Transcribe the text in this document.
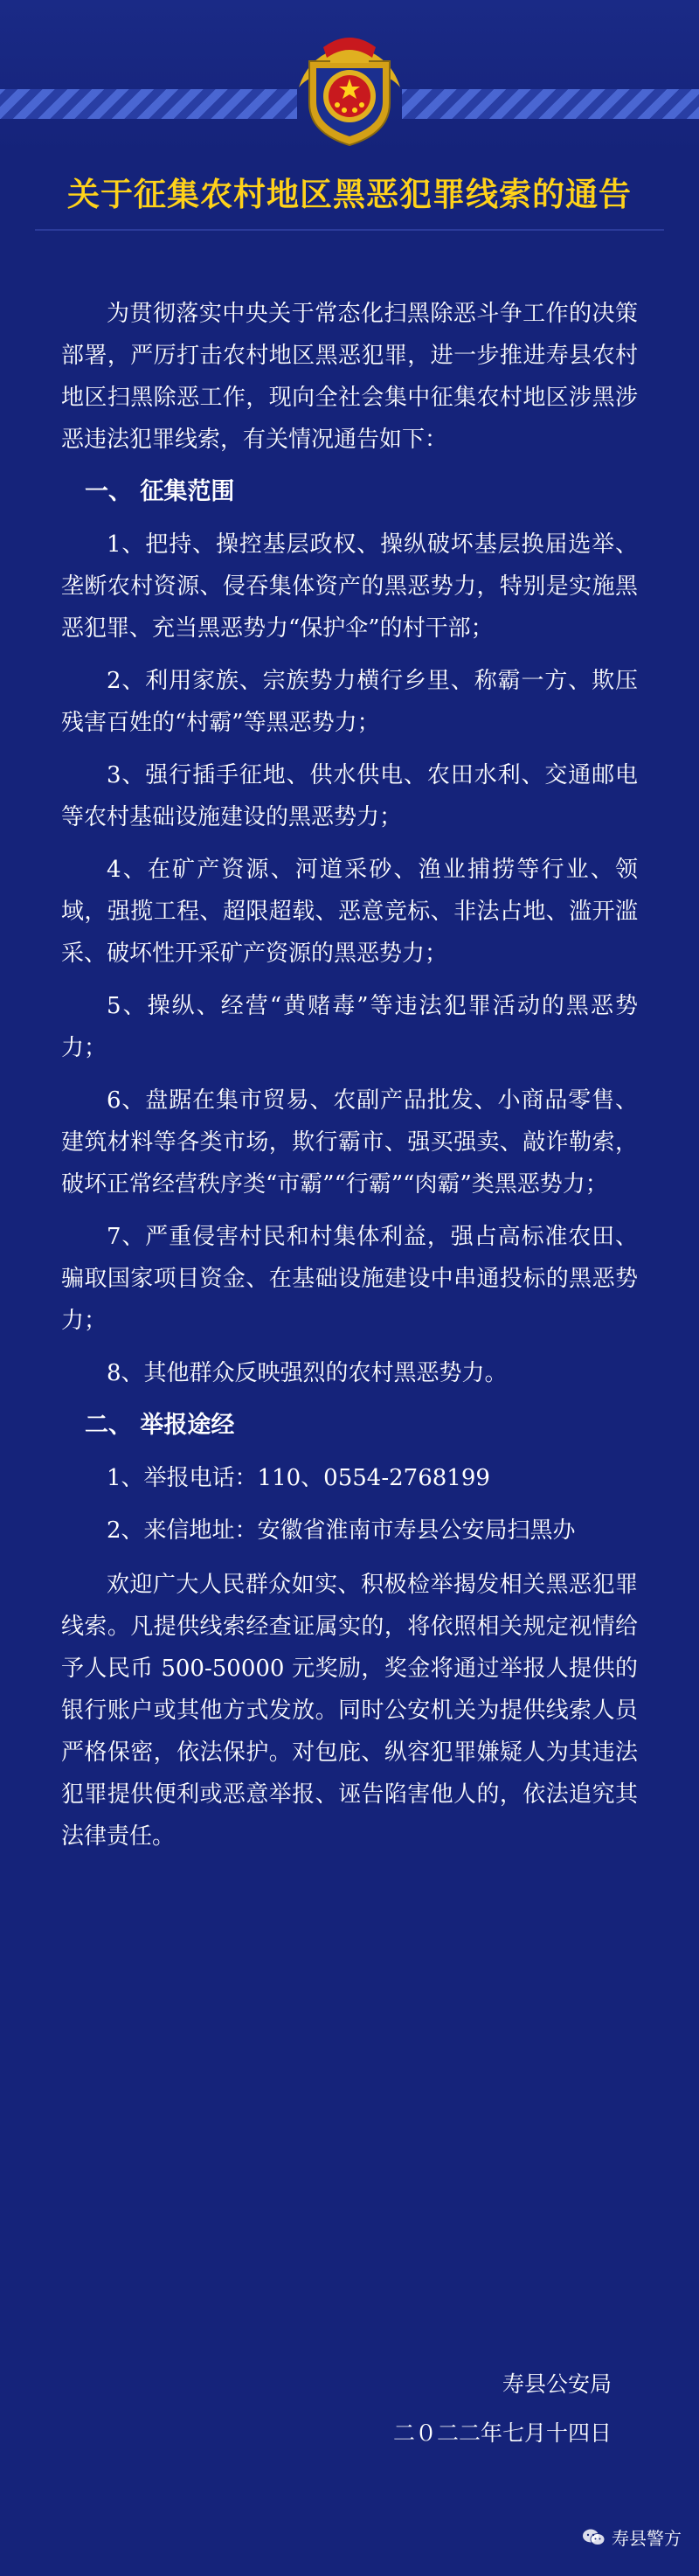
关于征集农村地区黑恶犯罪线索的通告

为贯彻落实中央关于常态化扫黑除恶斗争工作的决策部署，严厉打击农村地区黑恶犯罪，进一步推进寿县农村地区扫黑除恶工作，现向全社会集中征集农村地区涉黑涉恶违法犯罪线索，有关情况通告如下：

一、 征集范围

1、把持、操控基层政权、操纵破坏基层换届选举、垄断农村资源、侵吞集体资产的黑恶势力，特别是实施黑恶犯罪、充当黑恶势力“保护伞”的村干部；

2、利用家族、宗族势力横行乡里、称霸一方、欺压残害百姓的“村霸”等黑恶势力；

3、强行插手征地、供水供电、农田水利、交通邮电等农村基础设施建设的黑恶势力；

4、在矿产资源、河道采砂、渔业捕捞等行业、领域，强揽工程、超限超载、恶意竞标、非法占地、滥开滥采、破坏性开采矿产资源的黑恶势力；

5、操纵、经营“黄赌毒”等违法犯罪活动的黑恶势力；

6、盘踞在集市贸易、农副产品批发、小商品零售、建筑材料等各类市场，欺行霸市、强买强卖、敲诈勒索，破坏正常经营秩序类“市霸”“行霸”“肉霸”类黑恶势力；

7、严重侵害村民和村集体利益，强占高标准农田、骗取国家项目资金、在基础设施建设中串通投标的黑恶势力；

8、其他群众反映强烈的农村黑恶势力。

二、 举报途经

1、举报电话：110、0554-2768199

2、来信地址：安徽省淮南市寿县公安局扫黑办

欢迎广大人民群众如实、积极检举揭发相关黑恶犯罪线索。凡提供线索经查证属实的，将依照相关规定视情给予人民币 500-50000 元奖励，奖金将通过举报人提供的银行账户或其他方式发放。同时公安机关为提供线索人员严格保密，依法保护。对包庇、纵容犯罪嫌疑人为其违法犯罪提供便利或恶意举报、诬告陷害他人的，依法追究其法律责任。

寿县公安局
二０二二年七月十四日
寿县警方
